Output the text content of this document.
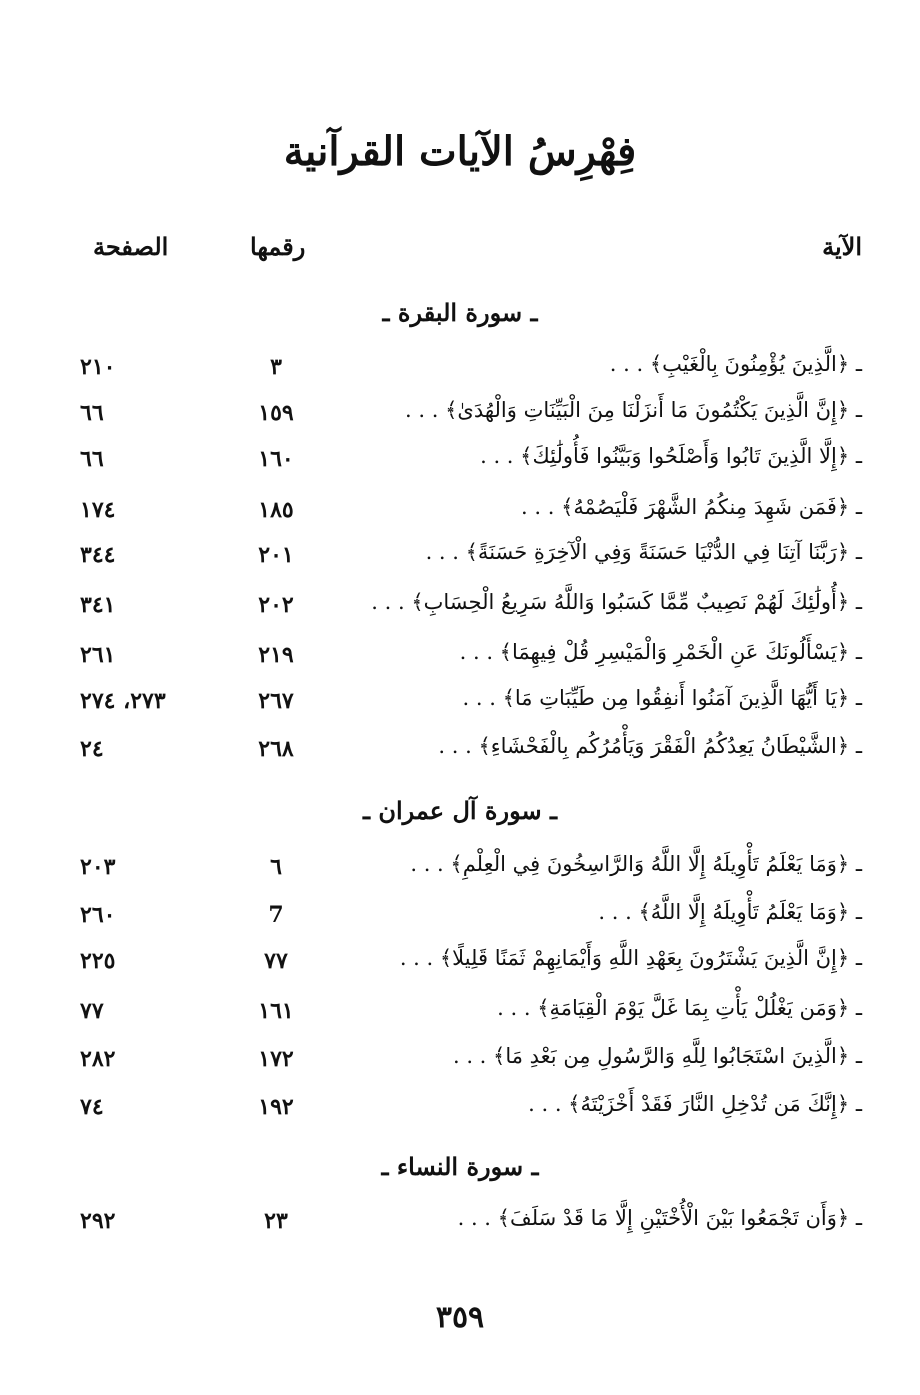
فِهْرِسُ الآيات القرآنية
الآية
رقمها
الصفحة
ـ سورة البقرة ـ
ـ ﴿الَّذِينَ يُؤْمِنُونَ بِالْغَيْبِ﴾ . . .
٣
٢١٠
ـ ﴿إِنَّ الَّذِينَ يَكْتُمُونَ مَا أَنزَلْنَا مِنَ الْبَيِّنَاتِ وَالْهُدَىٰ﴾ . . .
١٥٩
٦٦
ـ ﴿إِلَّا الَّذِينَ تَابُوا وَأَصْلَحُوا وَبَيَّنُوا فَأُولَٰئِكَ﴾ . . .
١٦٠
٦٦
ـ ﴿فَمَن شَهِدَ مِنكُمُ الشَّهْرَ فَلْيَصُمْهُ﴾ . . .
١٨٥
١٧٤
ـ ﴿رَبَّنَا آتِنَا فِي الدُّنْيَا حَسَنَةً وَفِي الْآخِرَةِ حَسَنَةً﴾ . . .
٢٠١
٣٤٤
ـ ﴿أُولَٰئِكَ لَهُمْ نَصِيبٌ مِّمَّا كَسَبُوا وَاللَّهُ سَرِيعُ الْحِسَابِ﴾ . . .
٢٠٢
٣٤١
ـ ﴿يَسْأَلُونَكَ عَنِ الْخَمْرِ وَالْمَيْسِرِ قُلْ فِيهِمَا﴾ . . .
٢١٩
٢٦١
ـ ﴿يَا أَيُّهَا الَّذِينَ آمَنُوا أَنفِقُوا مِن طَيِّبَاتِ مَا﴾ . . .
٢٦٧
٢٧٣، ٢٧٤
ـ ﴿الشَّيْطَانُ يَعِدُكُمُ الْفَقْرَ وَيَأْمُرُكُم بِالْفَحْشَاءِ﴾ . . .
٢٦٨
٢٤
ـ سورة آل عمران ـ
ـ ﴿وَمَا يَعْلَمُ تَأْوِيلَهُ إِلَّا اللَّهُ وَالرَّاسِخُونَ فِي الْعِلْمِ﴾ . . .
٦
٢٠٣
ـ ﴿وَمَا يَعْلَمُ تَأْوِيلَهُ إِلَّا اللَّهُ﴾ . . .
7
٢٦٠
ـ ﴿إِنَّ الَّذِينَ يَشْتَرُونَ بِعَهْدِ اللَّهِ وَأَيْمَانِهِمْ ثَمَنًا قَلِيلًا﴾ . . .
٧٧
٢٢٥
ـ ﴿وَمَن يَغْلُلْ يَأْتِ بِمَا غَلَّ يَوْمَ الْقِيَامَةِ﴾ . . .
١٦١
٧٧
ـ ﴿الَّذِينَ اسْتَجَابُوا لِلَّهِ وَالرَّسُولِ مِن بَعْدِ مَا﴾ . . .
١٧٢
٢٨٢
ـ ﴿إِنَّكَ مَن تُدْخِلِ النَّارَ فَقَدْ أَخْزَيْتَهُ﴾ . . .
١٩٢
٧٤
ـ سورة النساء ـ
ـ ﴿وَأَن تَجْمَعُوا بَيْنَ الْأُخْتَيْنِ إِلَّا مَا قَدْ سَلَفَ﴾ . . .
٢٣
٢٩٢
٣٥٩
